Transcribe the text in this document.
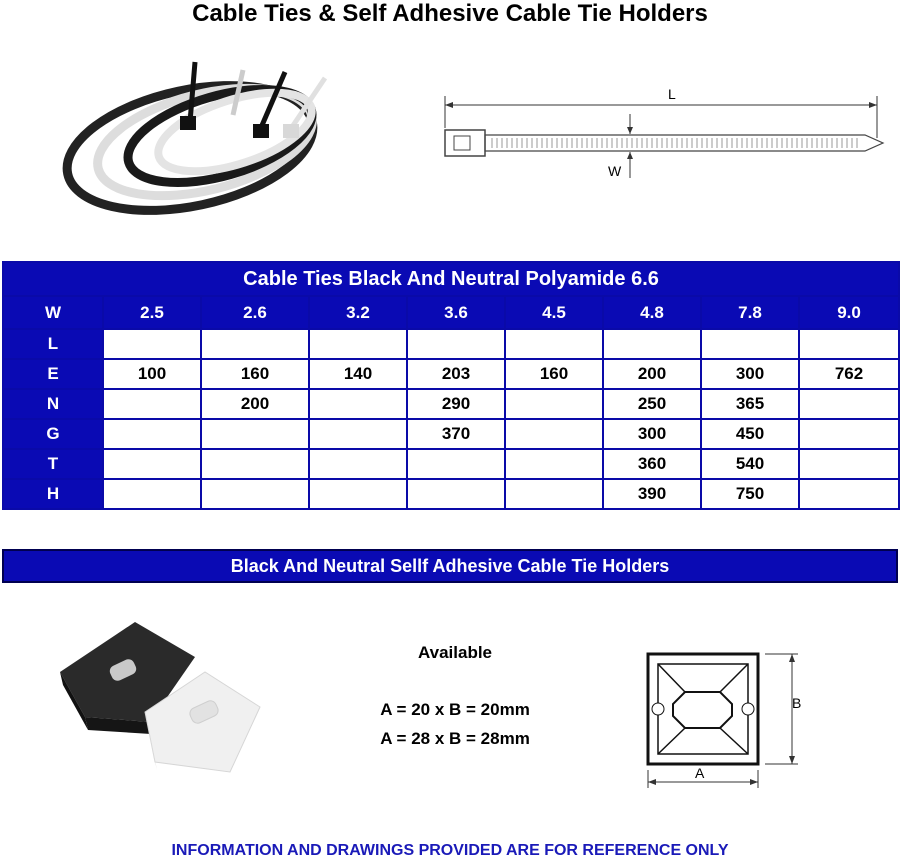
Cable Ties & Self Adhesive Cable Tie Holders
L
W
Cable Ties Black And Neutral Polyamide 6.6								
W	2.5	2.6	3.2	3.6	4.5	4.8	7.8	9.0
L								
E	100	160	140	203	160	200	300	762
N		200		290		250	365	
G				370		300	450	
T						360	540	
H						390	750	
Black And Neutral Sellf Adhesive Cable Tie Holders
Available
A = 20 x B = 20mm
A = 28 x B = 28mm
B
A
INFORMATION AND DRAWINGS PROVIDED ARE FOR REFERENCE ONLY
